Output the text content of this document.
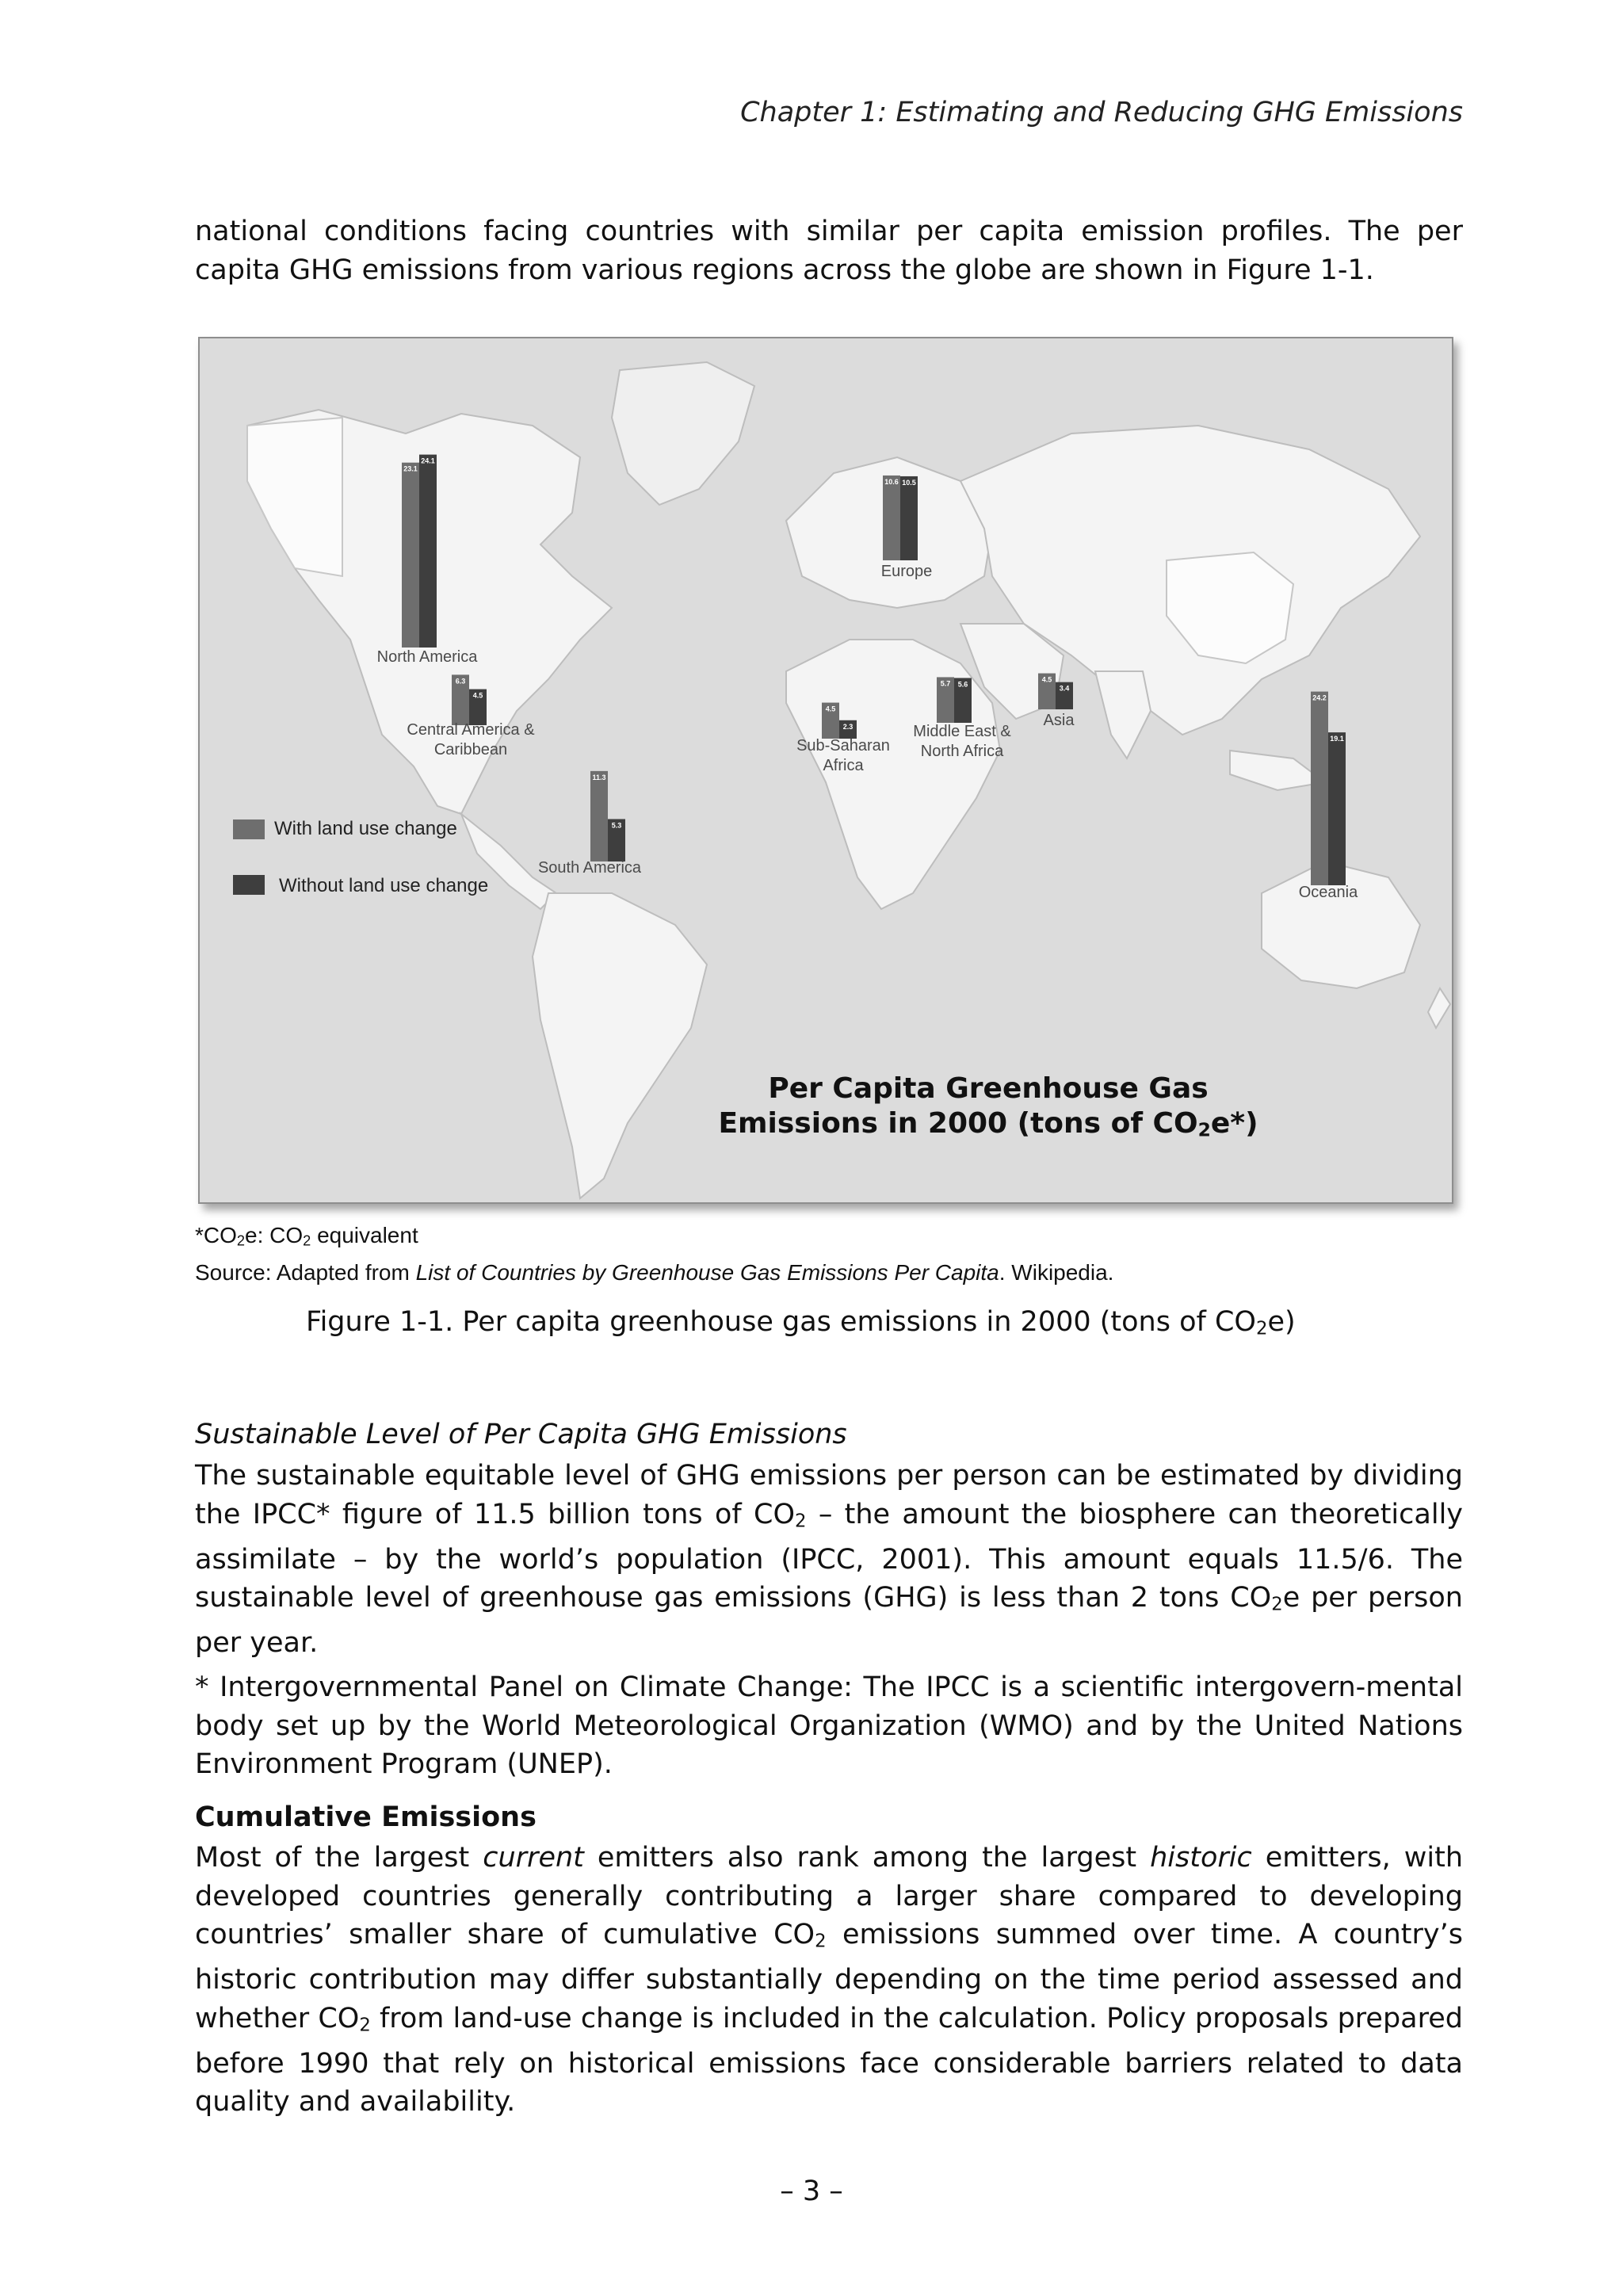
Chapter 1: Estimating and Reducing GHG Emissions

national conditions facing countries with similar per capita emission profiles. The per capita GHG emissions from various regions across the globe are shown in Figure 1-1.

23.1
24.1
North America
6.3
4.5
Central America &
Caribbean
10.6 10.5
Europe
5.7 5.6
Middle East &
North Africa
4.5
3.4
Asia
4.5
2.3
Sub-Saharan
Africa
11.3
5.3
South America
24.2
19.1
Oceania
With land use change
Without land use change
Per Capita Greenhouse Gas
Emissions in 2000 (tons of $CO_2e*$)
$*CO_2e$: $CO_2$ equivalent
Source: Adapted from List of Countries by Greenhouse Gas Emissions Per Capita. Wikipedia.
Figure 1-1. Per capita greenhouse gas emissions in 2000 (tons of $CO_2e$)
Sustainable Level of Per Capita GHG Emissions

The sustainable equitable level of GHG emissions per person can be estimated by dividing the IPCC* figure of 11.5 billion tons of $CO_2$ – the amount the biosphere can theoretically assimilate – by the world’s population (IPCC, 2001). This amount equals 11.5/6. The sustainable level of greenhouse gas emissions (GHG) is less than 2 tons $CO_2e$ per person per year.

* Intergovernmental Panel on Climate Change: The IPCC is a scientific intergovern-mental body set up by the World Meteorological Organization (WMO) and by the United Nations Environment Program (UNEP).

Cumulative Emissions

Most of the largest current emitters also rank among the largest historic emitters, with developed countries generally contributing a larger share compared to developing countries’ smaller share of cumulative $CO_2$ emissions summed over time. A country’s historic contribution may differ substantially depending on the time period assessed and whether $CO_2$ from land-use change is included in the calculation. Policy proposals prepared before 1990 that rely on historical emissions face considerable barriers related to data quality and availability.

– 3 –
